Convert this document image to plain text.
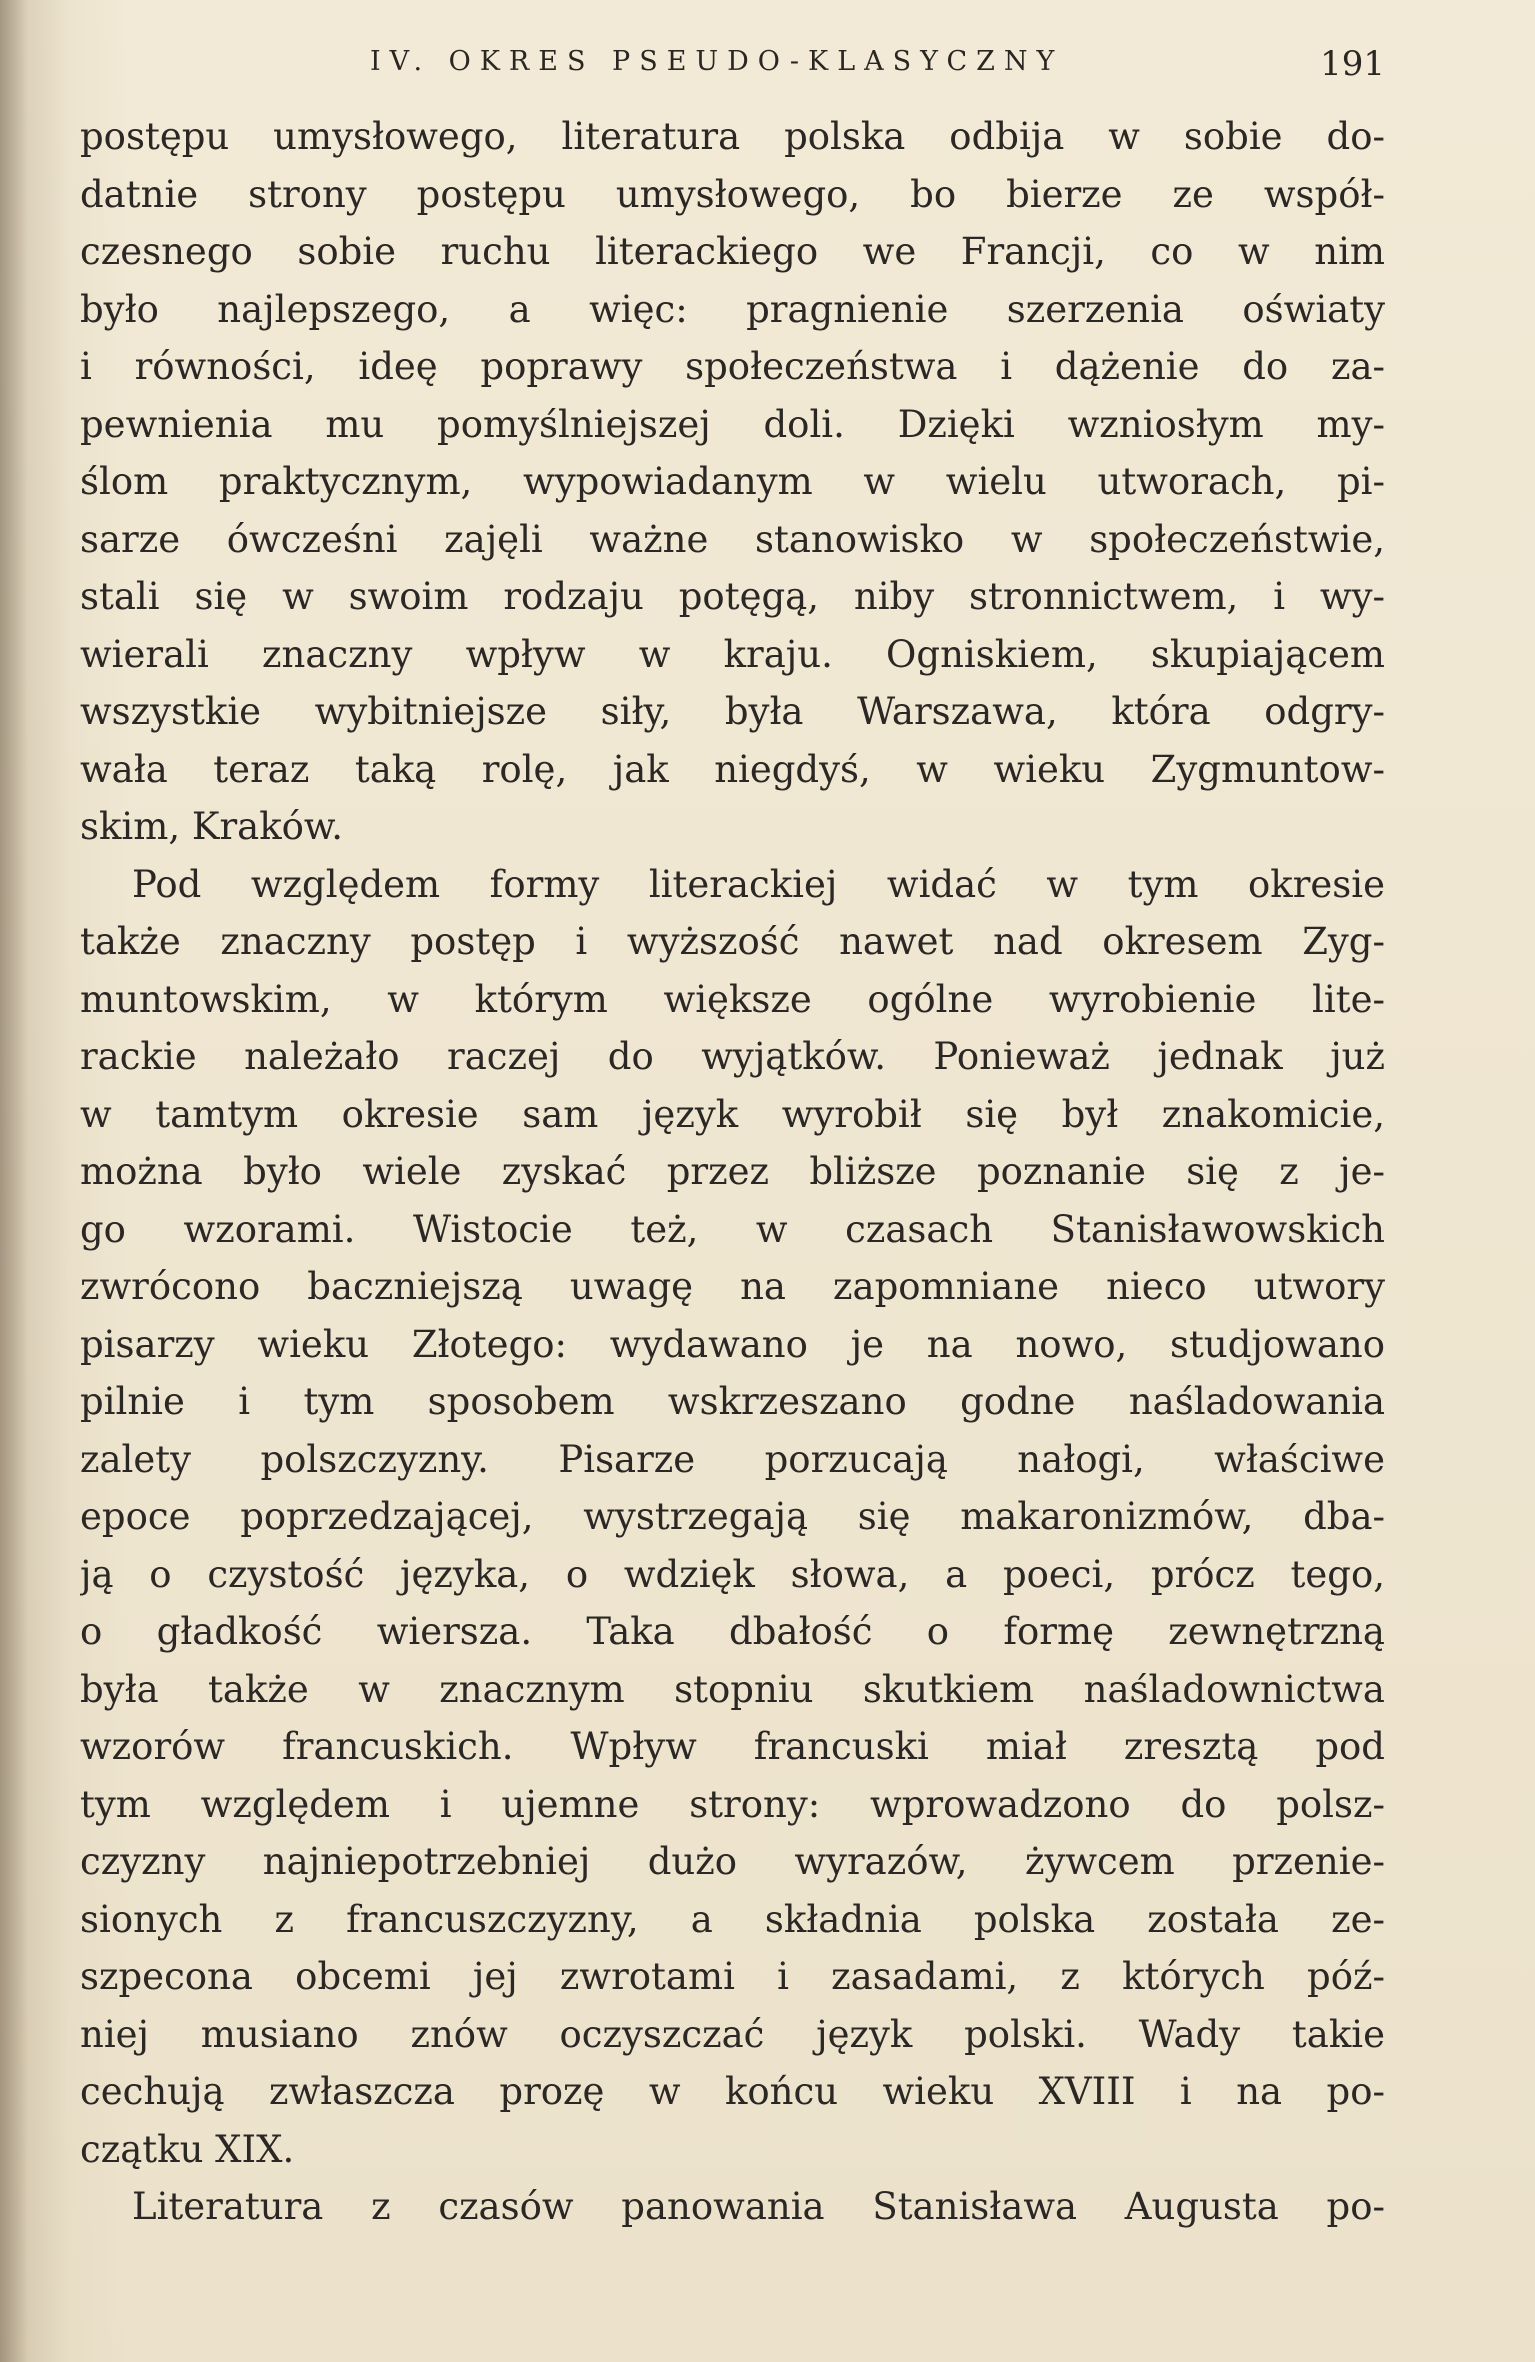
IV. OKRES PSEUDO-KLASYCZNY	191
postępu umysłowego, literatura polska odbija w sobie do-
datnie strony postępu umysłowego, bo bierze ze współ-
czesnego sobie ruchu literackiego we Francji, co w nim
było najlepszego, a więc: pragnienie szerzenia oświaty
i równości, ideę poprawy społeczeństwa i dążenie do za-
pewnienia mu pomyślniejszej doli. Dzięki wzniosłym my-
ślom praktycznym, wypowiadanym w wielu utworach, pi-
sarze ówcześni zajęli ważne stanowisko w społeczeństwie,
stali się w swoim rodzaju potęgą, niby stronnictwem, i wy-
wierali znaczny wpływ w kraju. Ogniskiem, skupiającem
wszystkie wybitniejsze siły, była Warszawa, która odgry-
wała teraz taką rolę, jak niegdyś, w wieku Zygmuntow-
skim, Kraków.
Pod względem formy literackiej widać w tym okresie
także znaczny postęp i wyższość nawet nad okresem Zyg-
muntowskim, w którym większe ogólne wyrobienie lite-
rackie należało raczej do wyjątków. Ponieważ jednak już
w tamtym okresie sam język wyrobił się był znakomicie,
można było wiele zyskać przez bliższe poznanie się z je-
go wzorami. Wistocie też, w czasach Stanisławowskich
zwrócono baczniejszą uwagę na zapomniane nieco utwory
pisarzy wieku Złotego: wydawano je na nowo, studjowano
pilnie i tym sposobem wskrzeszano godne naśladowania
zalety polszczyzny. Pisarze porzucają nałogi, właściwe
epoce poprzedzającej, wystrzegają się makaronizmów, dba-
ją o czystość języka, o wdzięk słowa, a poeci, prócz tego,
o gładkość wiersza. Taka dbałość o formę zewnętrzną
była także w znacznym stopniu skutkiem naśladownictwa
wzorów francuskich. Wpływ francuski miał zresztą pod
tym względem i ujemne strony: wprowadzono do polsz-
czyzny najniepotrzebniej dużo wyrazów, żywcem przenie-
sionych z francuszczyzny, a składnia polska została ze-
szpecona obcemi jej zwrotami i zasadami, z których póź-
niej musiano znów oczyszczać język polski. Wady takie
cechują zwłaszcza prozę w końcu wieku XVIII i na po-
czątku XIX.
Literatura z czasów panowania Stanisława Augusta po-
